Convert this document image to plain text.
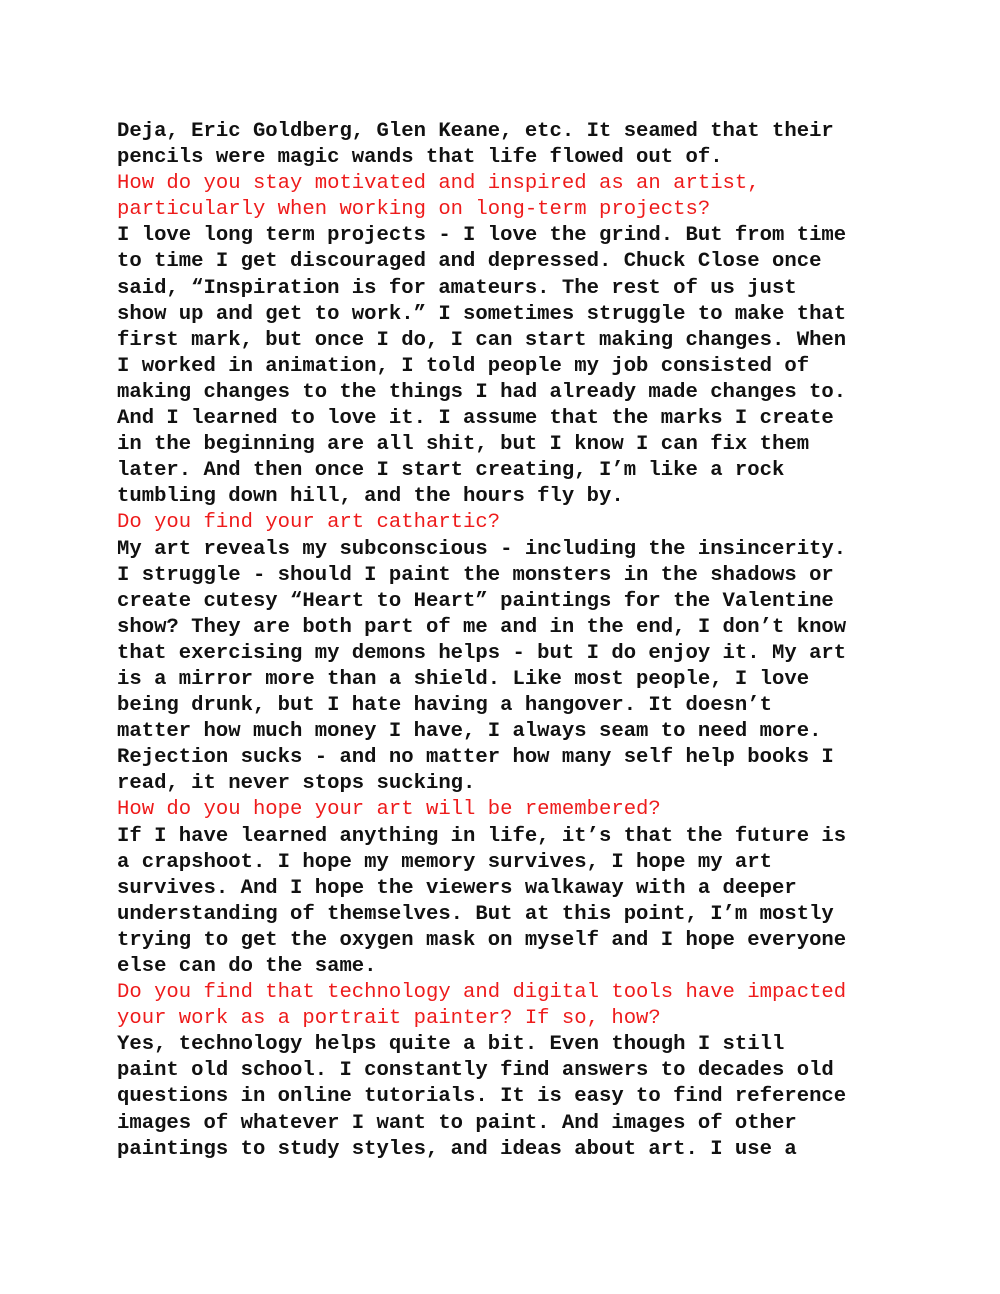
Deja, Eric Goldberg, Glen Keane, etc. It seamed that their
pencils were magic wands that life flowed out of.
How do you stay motivated and inspired as an artist,
particularly when working on long-term projects?
I love long term projects - I love the grind. But from time
to time I get discouraged and depressed. Chuck Close once
said, “Inspiration is for amateurs. The rest of us just
show up and get to work.” I sometimes struggle to make that
first mark, but once I do, I can start making changes. When
I worked in animation, I told people my job consisted of
making changes to the things I had already made changes to.
And I learned to love it. I assume that the marks I create
in the beginning are all shit, but I know I can fix them
later. And then once I start creating, I’m like a rock
tumbling down hill, and the hours fly by.
Do you find your art cathartic?
My art reveals my subconscious - including the insincerity.
I struggle - should I paint the monsters in the shadows or
create cutesy “Heart to Heart” paintings for the Valentine
show? They are both part of me and in the end, I don’t know
that exercising my demons helps - but I do enjoy it. My art
is a mirror more than a shield. Like most people, I love
being drunk, but I hate having a hangover. It doesn’t
matter how much money I have, I always seam to need more.
Rejection sucks - and no matter how many self help books I
read, it never stops sucking.
How do you hope your art will be remembered?
If I have learned anything in life, it’s that the future is
a crapshoot. I hope my memory survives, I hope my art
survives. And I hope the viewers walkaway with a deeper
understanding of themselves. But at this point, I’m mostly
trying to get the oxygen mask on myself and I hope everyone
else can do the same.
Do you find that technology and digital tools have impacted
your work as a portrait painter? If so, how?
Yes, technology helps quite a bit. Even though I still
paint old school. I constantly find answers to decades old
questions in online tutorials. It is easy to find reference
images of whatever I want to paint. And images of other
paintings to study styles, and ideas about art. I use a
